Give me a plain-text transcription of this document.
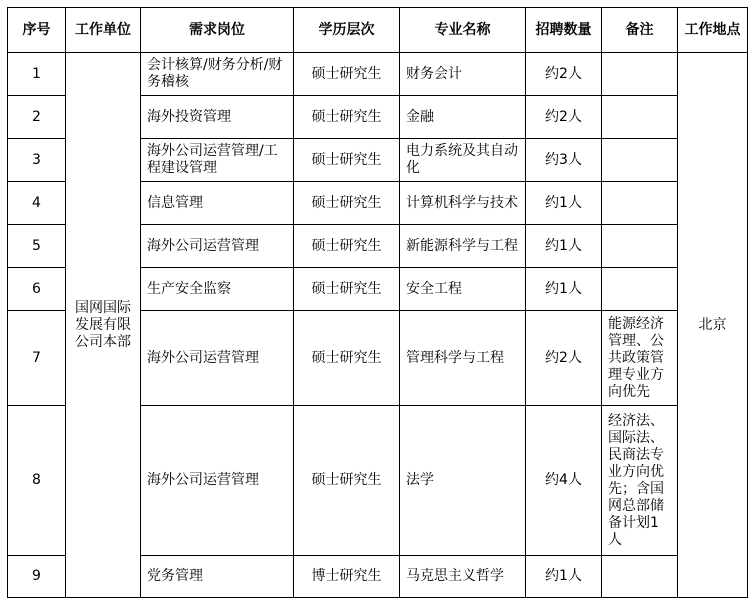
序号	工作单位	需求岗位	学历层次	专业名称	招聘数量	备注	工作地点
1	国网国际发展有限公司本部	会计核算/财务分析/财务稽核	硕士研究生	财务会计	约2人		北京
2		海外投资管理	硕士研究生	金融	约2人		
3		海外公司运营管理/工程建设管理	硕士研究生	电力系统及其自动化	约3人		
4		信息管理	硕士研究生	计算机科学与技术	约1人		
5		海外公司运营管理	硕士研究生	新能源科学与工程	约1人		
6		生产安全监察	硕士研究生	安全工程	约1人		
7		海外公司运营管理	硕士研究生	管理科学与工程	约2人	能源经济管理、公共政策管理专业方向优先	
8		海外公司运营管理	硕士研究生	法学	约4人	经济法、国际法、民商法专业方向优先；含国网总部储备计划1人	
9		党务管理	博士研究生	马克思主义哲学	约1人		
